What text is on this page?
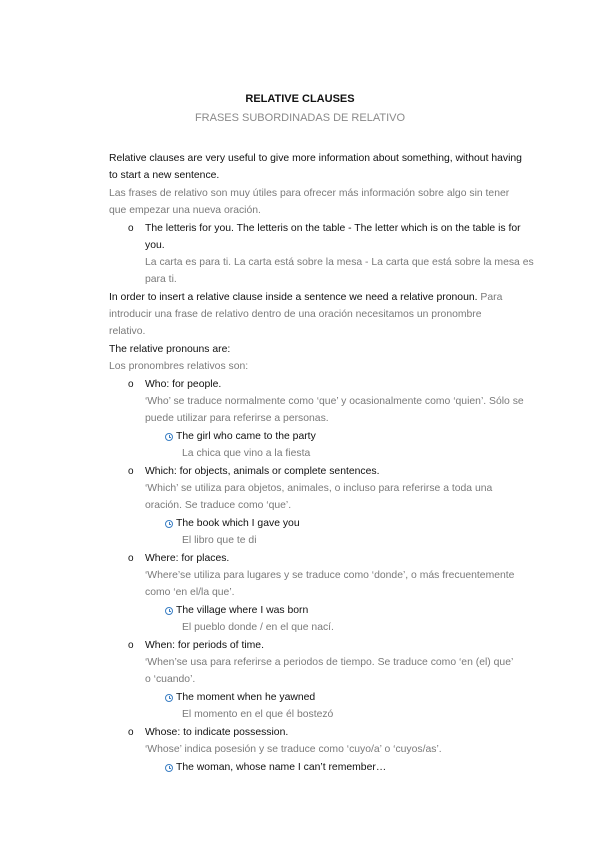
RELATIVE CLAUSES
FRASES SUBORDINADAS DE RELATIVO
Relative clauses are very useful to give more information about something, without having
to start a new sentence.
Las frases de relativo son muy útiles para ofrecer más información sobre algo sin tener
que empezar una nueva oración.
o The letteris for you. The letteris on the table - The letter which is on the table is for
you.
La carta es para ti. La carta está sobre la mesa - La carta que está sobre la mesa es
para ti.
In order to insert a relative clause inside a sentence we need a relative pronoun. Para
introducir una frase de relativo dentro de una oración necesitamos un pronombre
relativo.
The relative pronouns are:
Los pronombres relativos son:
o Who: for people.
‘Who’ se traduce normalmente como ‘que’ y ocasionalmente como ‘quien’. Sólo se
puede utilizar para referirse a personas.
The girl who came to the party
La chica que vino a la fiesta
o Which: for objects, animals or complete sentences.
‘Which’ se utiliza para objetos, animales, o incluso para referirse a toda una
oración. Se traduce como ‘que’.
The book which I gave you
El libro que te di
o Where: for places.
‘Where’se utiliza para lugares y se traduce como ‘donde’, o más frecuentemente
como ‘en el/la que’.
The village where I was born
El pueblo donde / en el que nací.
o When: for periods of time.
‘When’se usa para referirse a periodos de tiempo. Se traduce como ‘en (el) que’
o ‘cuando’.
The moment when he yawned
El momento en el que él bostezó
o Whose: to indicate possession.
‘Whose’ indica posesión y se traduce como ‘cuyo/a’ o ‘cuyos/as’.
The woman, whose name I can’t remember…
